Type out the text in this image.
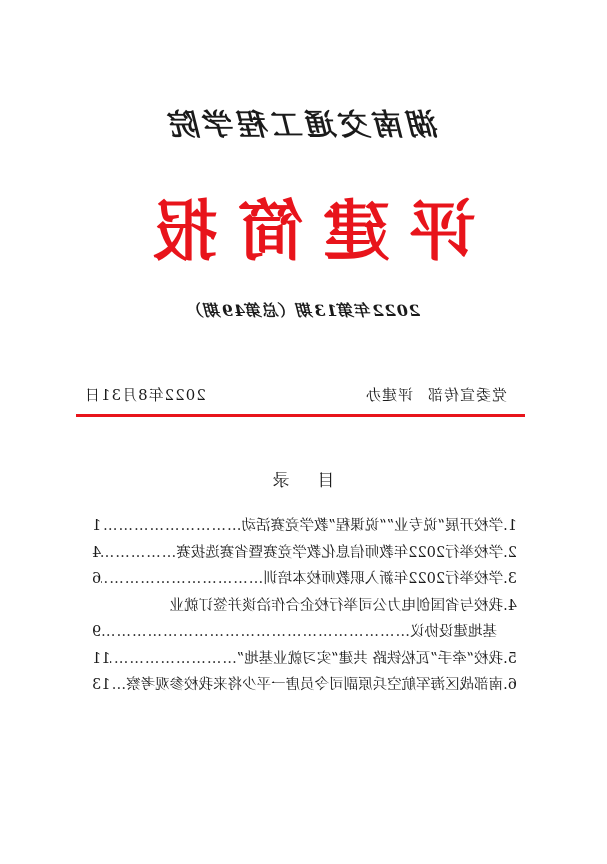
湖南交通工程学院
评建简报
2022年第13期（总第49期）
党委宣传部
评建办
2022年8月31日
目录
1.
学校开展“说专业”“说课程”教学竞赛活动
……………………………………………………………………………………………………
1
2.
学校举行2022年教师信息化教学竞赛暨省赛选拔赛
……………………………………………………………………………………………………
4
3.
学校举行2022年新入职教师校本培训
……………………………………………………………………………………………………
6
4.
我校与省国创电力公司举行校企合作洽谈并签订就业
基地建设协议
……………………………………………………………………………………………………
9
5.
我校“牵手”瓦松铁路 共建“实习就业基地”
……………………………………………………………………………………………………
11
6.
南部战区海军航空兵原副司令员唐一平少将来我校参观考察
……………………………………………………………………………………………………
13
